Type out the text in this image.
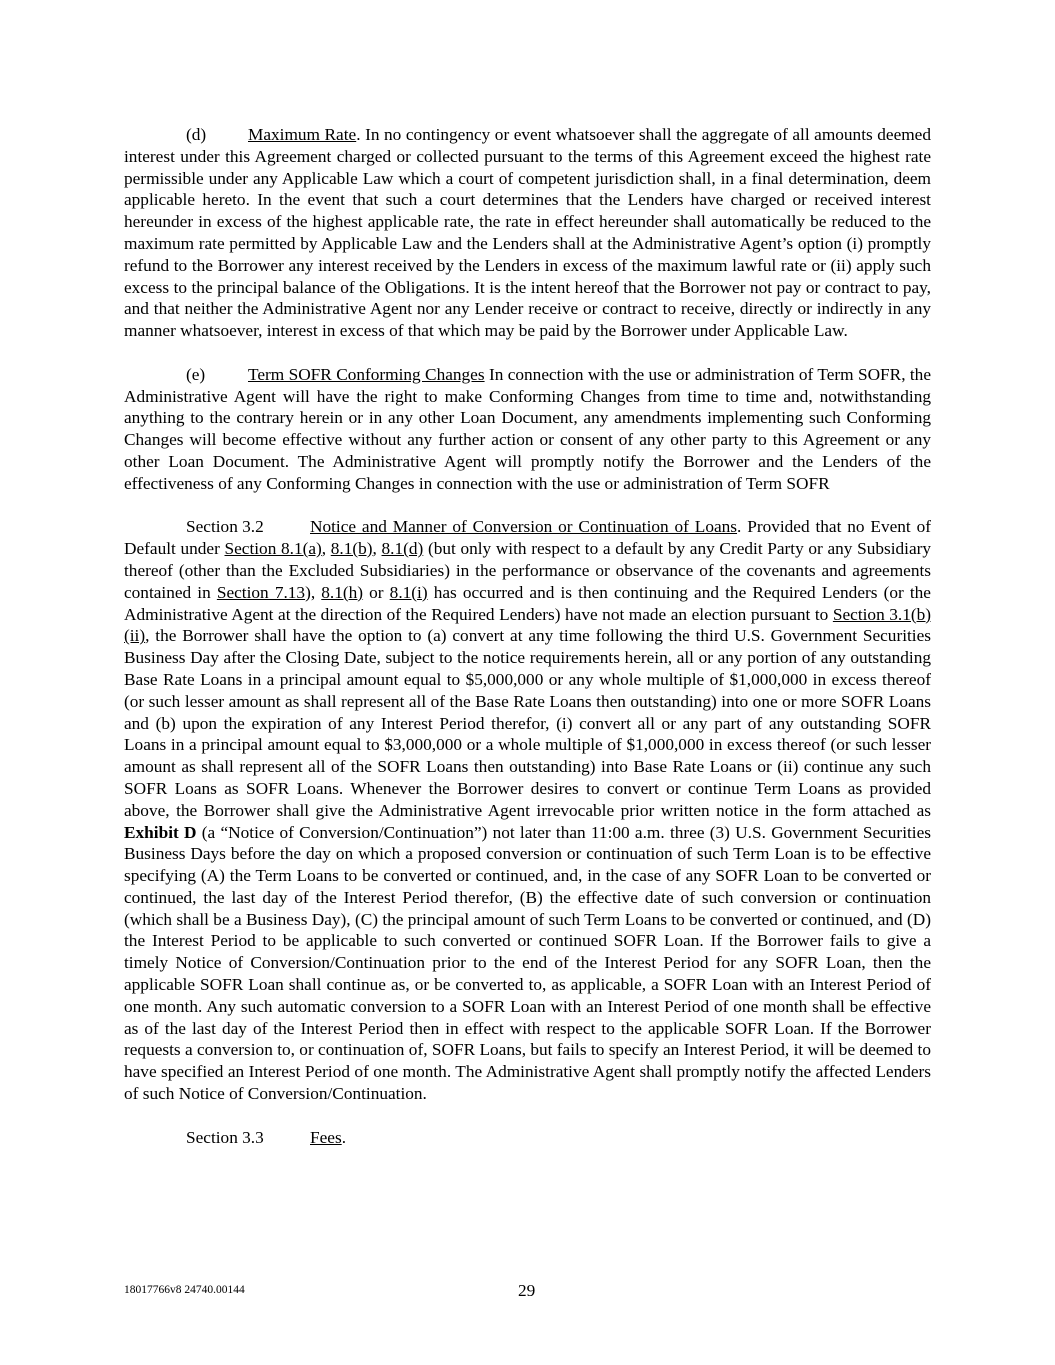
(d) Maximum Rate. In no contingency or event whatsoever shall the aggregate of all amounts deemed interest under this Agreement charged or collected pursuant to the terms of this Agreement exceed the highest rate permissible under any Applicable Law which a court of competent jurisdiction shall, in a final determination, deem applicable hereto. In the event that such a court determines that the Lenders have charged or received interest hereunder in excess of the highest applicable rate, the rate in effect hereunder shall automatically be reduced to the maximum rate permitted by Applicable Law and the Lenders shall at the Administrative Agent’s option (i) promptly refund to the Borrower any interest received by the Lenders in excess of the maximum lawful rate or (ii) apply such excess to the principal balance of the Obligations. It is the intent hereof that the Borrower not pay or contract to pay, and that neither the Administrative Agent nor any Lender receive or contract to receive, directly or indirectly in any manner whatsoever, interest in excess of that which may be paid by the Borrower under Applicable Law.

(e) Term SOFR Conforming Changes In connection with the use or administration of Term SOFR, the Administrative Agent will have the right to make Conforming Changes from time to time and, notwithstanding anything to the contrary herein or in any other Loan Document, any amendments implementing such Conforming Changes will become effective without any further action or consent of any other party to this Agreement or any other Loan Document. The Administrative Agent will promptly notify the Borrower and the Lenders of the effectiveness of any Conforming Changes in connection with the use or administration of Term SOFR

Section 3.2	Notice and Manner of Conversion or Continuation of Loans. Provided that no Event of Default under Section 8.1(a), 8.1(b), 8.1(d) (but only with respect to a default by any Credit Party or any Subsidiary thereof (other than the Excluded Subsidiaries) in the performance or observance of the covenants and agreements contained in Section 7.13), 8.1(h) or 8.1(i) has occurred and is then continuing and the Required Lenders (or the Administrative Agent at the direction of the Required Lenders) have not made an election pursuant to Section 3.1(b)(ii), the Borrower shall have the option to (a) convert at any time following the third U.S. Government Securities Business Day after the Closing Date, subject to the notice requirements herein, all or any portion of any outstanding Base Rate Loans in a principal amount equal to $5,000,000 or any whole multiple of $1,000,000 in excess thereof (or such lesser amount as shall represent all of the Base Rate Loans then outstanding) into one or more SOFR Loans and (b) upon the expiration of any Interest Period therefor, (i) convert all or any part of any outstanding SOFR Loans in a principal amount equal to $3,000,000 or a whole multiple of $1,000,000 in excess thereof (or such lesser amount as shall represent all of the SOFR Loans then outstanding) into Base Rate Loans or (ii) continue any such SOFR Loans as SOFR Loans. Whenever the Borrower desires to convert or continue Term Loans as provided above, the Borrower shall give the Administrative Agent irrevocable prior written notice in the form attached as Exhibit D (a “Notice of Conversion/Continuation”) not later than 11:00 a.m. three (3) U.S. Government Securities Business Days before the day on which a proposed conversion or continuation of such Term Loan is to be effective specifying (A) the Term Loans to be converted or continued, and, in the case of any SOFR Loan to be converted or continued, the last day of the Interest Period therefor, (B) the effective date of such conversion or continuation (which shall be a Business Day), (C) the principal amount of such Term Loans to be converted or continued, and (D) the Interest Period to be applicable to such converted or continued SOFR Loan. If the Borrower fails to give a timely Notice of Conversion/Continuation prior to the end of the Interest Period for any SOFR Loan, then the applicable SOFR Loan shall continue as, or be converted to, as applicable, a SOFR Loan with an Interest Period of one month. Any such automatic conversion to a SOFR Loan with an Interest Period of one month shall be effective as of the last day of the Interest Period then in effect with respect to the applicable SOFR Loan. If the Borrower requests a conversion to, or continuation of, SOFR Loans, but fails to specify an Interest Period, it will be deemed to have specified an Interest Period of one month. The Administrative Agent shall promptly notify the affected Lenders of such Notice of Conversion/Continuation.

Section 3.3	Fees.

18017766v8 24740.00144	29
